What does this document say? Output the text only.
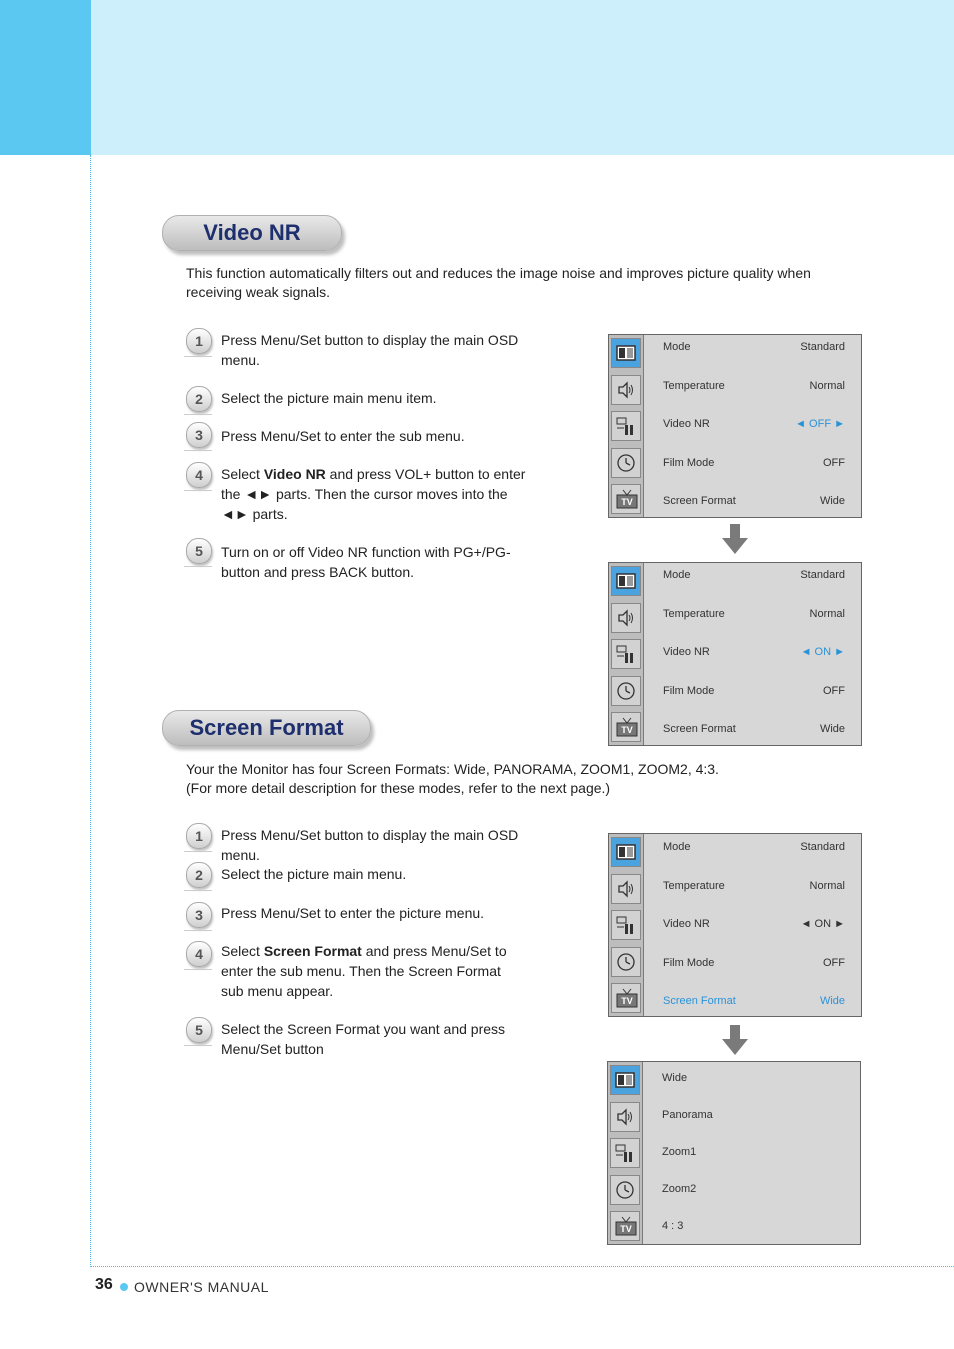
Video NR
This function automatically filters out and reduces the image noise and improves picture quality when receiving weak signals.
1	Press Menu/Set button to display the main OSD menu.
2	Select the picture main menu item.
3	Press Menu/Set to enter the sub menu.
4	Select Video NR and press VOL+ button to enter the ◄► parts. Then the cursor moves into the ◄► parts.
5	Turn on or off Video NR function with PG+/PG- button and press BACK button.
Screen Format
Your the Monitor has four Screen Formats: Wide, PANORAMA, ZOOM1, ZOOM2, 4:3.
(For more detail description for these modes, refer to the next page.)
1	Press Menu/Set button to display the main OSD menu.
2	Select the picture main menu.
3	Press Menu/Set to enter the picture menu.
4	Select Screen Format and press Menu/Set to enter the sub menu. Then the Screen Format sub menu appear.
5	Select the Screen Format you want and press Menu/Set button
TV
Mode	Standard
Temperature	Normal
Video NR	◄ OFF ►
Film Mode	OFF
Screen Format	Wide
TV
Mode	Standard
Temperature	Normal
Video NR	◄ ON ►
Film Mode	OFF
Screen Format	Wide
TV
Mode	Standard
Temperature	Normal
Video NR	◄ ON ►
Film Mode	OFF
Screen Format	Wide
TV
Wide
Panorama
Zoom1
Zoom2
4 : 3
36 OWNER'S MANUAL
